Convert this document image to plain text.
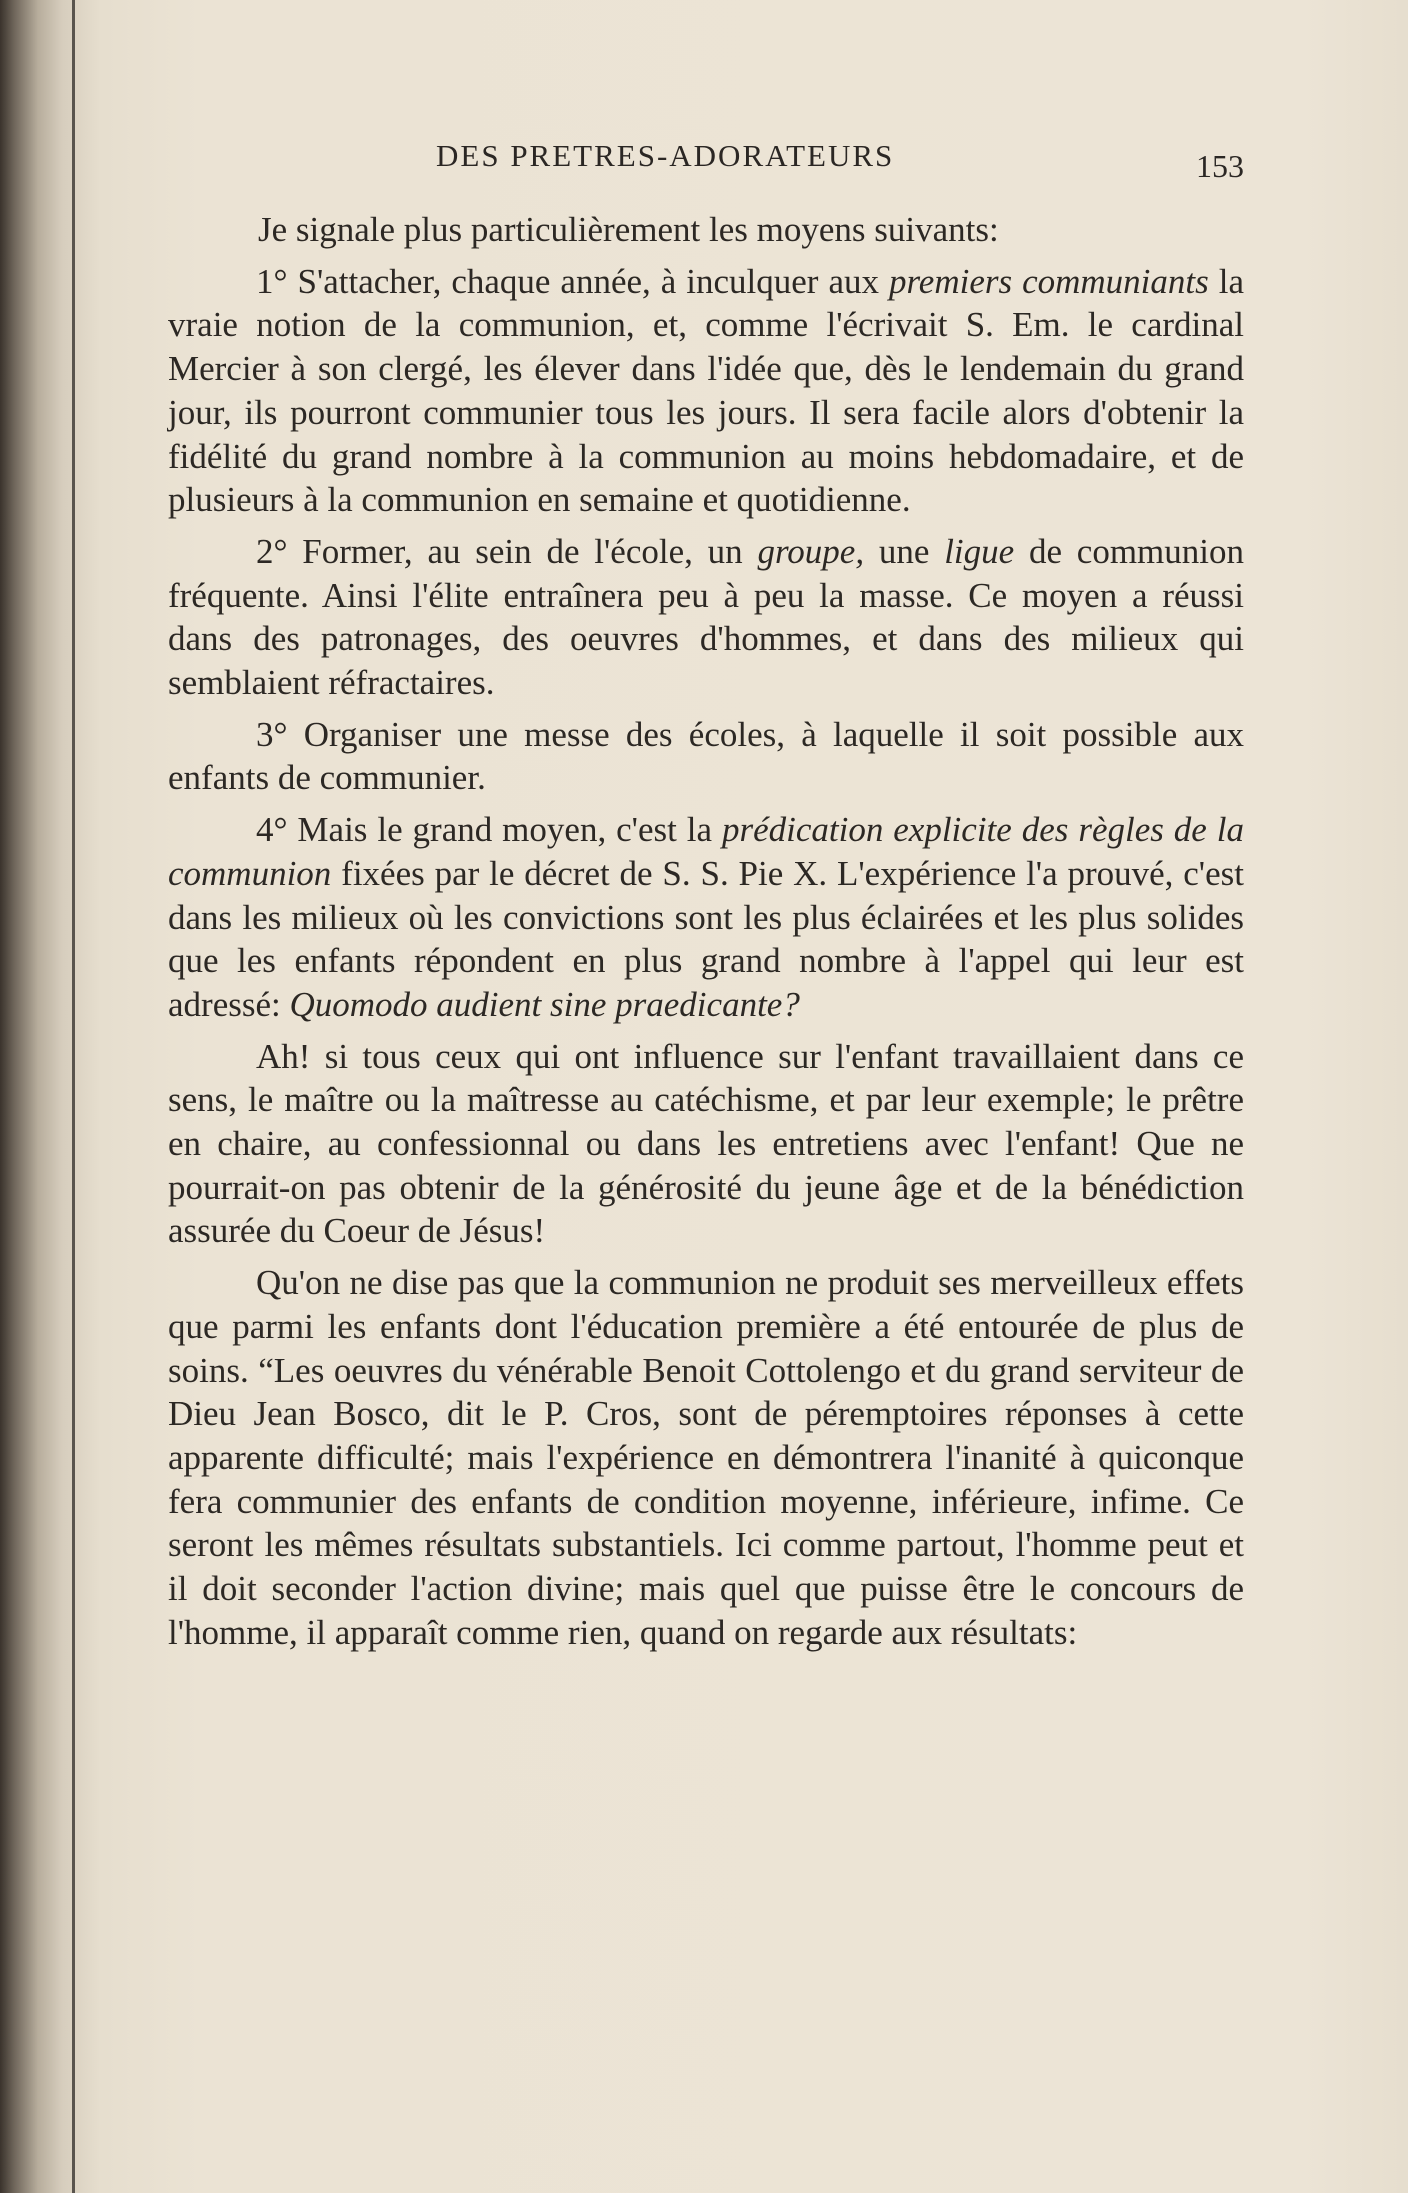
DES PRETRES-ADORATEURS	153

Je signale plus particulièrement les moyens suivants:

1° S'attacher, chaque année, à inculquer aux premiers communiants la vraie notion de la communion, et, comme l'écrivait S. Em. le cardinal Mercier à son clergé, les élever dans l'idée que, dès le lendemain du grand jour, ils pourront communier tous les jours. Il sera facile alors d'obtenir la fidélité du grand nombre à la communion au moins hebdomadaire, et de plusieurs à la communion en semaine et quotidienne.

2° Former, au sein de l'école, un groupe, une ligue de communion fréquente. Ainsi l'élite entraînera peu à peu la masse. Ce moyen a réussi dans des patronages, des oeuvres d'hommes, et dans des milieux qui semblaient réfractaires.

3° Organiser une messe des écoles, à laquelle il soit possible aux enfants de communier.

4° Mais le grand moyen, c'est la prédication explicite des règles de la communion fixées par le décret de S. S. Pie X. L'expérience l'a prouvé, c'est dans les milieux où les convictions sont les plus éclairées et les plus solides que les enfants répondent en plus grand nombre à l'appel qui leur est adressé: Quomodo audient sine praedicante?

Ah! si tous ceux qui ont influence sur l'enfant travaillaient dans ce sens, le maître ou la maîtresse au catéchisme, et par leur exemple; le prêtre en chaire, au confessionnal ou dans les entretiens avec l'enfant! Que ne pourrait-on pas obtenir de la générosité du jeune âge et de la bénédiction assurée du Coeur de Jésus!

Qu'on ne dise pas que la communion ne produit ses merveilleux effets que parmi les enfants dont l'éducation première a été entourée de plus de soins. “Les oeuvres du vénérable Benoit Cottolengo et du grand serviteur de Dieu Jean Bosco, dit le P. Cros, sont de péremptoires réponses à cette apparente difficulté; mais l'expérience en démontrera l'inanité à quiconque fera communier des enfants de condition moyenne, inférieure, infime. Ce seront les mêmes résultats substantiels. Ici comme partout, l'homme peut et il doit seconder l'action divine; mais quel que puisse être le concours de l'homme, il apparaît comme rien, quand on regarde aux résultats:
